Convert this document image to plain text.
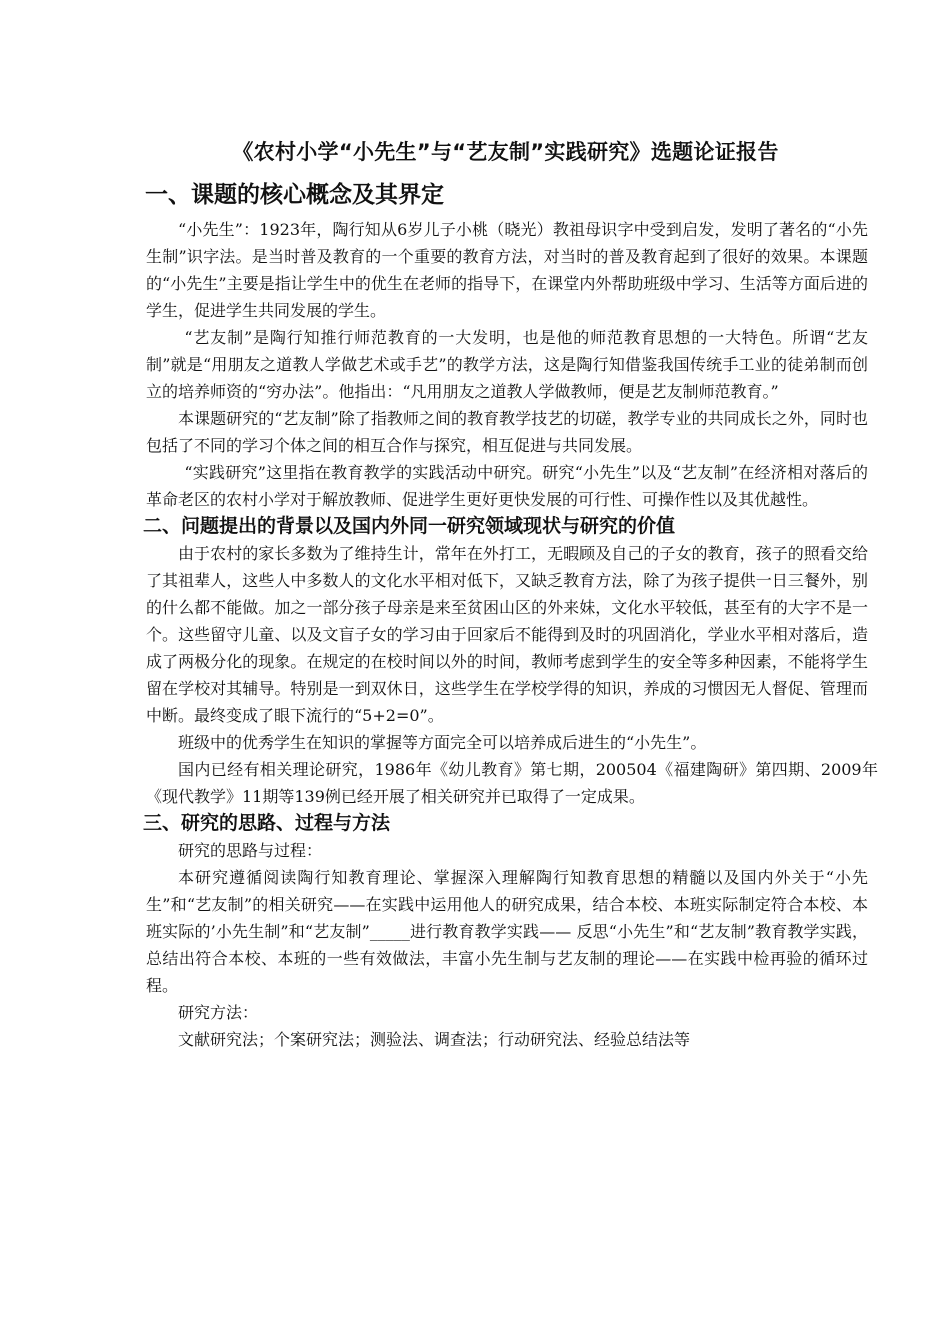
《农村小学“小先生”与“艺友制”实践研究》选题论证报告
一、课题的核心概念及其界定

“小先生”：1923年，陶行知从6岁儿子小桃（晓光）教祖母识字中受到启发，发明了著名的“小先生制”识字法。是当时普及教育的一个重要的教育方法，对当时的普及教育起到了很好的效果。本课题的“小先生”主要是指让学生中的优生在老师的指导下，在课堂内外帮助班级中学习、生活等方面后进的学生，促进学生共同发展的学生。

“艺友制”是陶行知推行师范教育的一大发明，也是他的师范教育思想的一大特色。所谓“艺友制”就是“用朋友之道教人学做艺术或手艺”的教学方法，这是陶行知借鉴我国传统手工业的徒弟制而创立的培养师资的“穷办法”。他指出：“凡用朋友之道教人学做教师，便是艺友制师范教育。”

本课题研究的“艺友制”除了指教师之间的教育教学技艺的切磋，教学专业的共同成长之外，同时也包括了不同的学习个体之间的相互合作与探究，相互促进与共同发展。

“实践研究”这里指在教育教学的实践活动中研究。研究“小先生”以及“艺友制”在经济相对落后的革命老区的农村小学对于解放教师、促进学生更好更快发展的可行性、可操作性以及其优越性。

二、问题提出的背景以及国内外同一研究领域现状与研究的价值

由于农村的家长多数为了维持生计，常年在外打工，无暇顾及自己的子女的教育，孩子的照看交给了其祖辈人，这些人中多数人的文化水平相对低下，又缺乏教育方法，除了为孩子提供一日三餐外，别的什么都不能做。加之一部分孩子母亲是来至贫困山区的外来妹，文化水平较低，甚至有的大字不是一个。这些留守儿童、以及文盲子女的学习由于回家后不能得到及时的巩固消化，学业水平相对落后，造成了两极分化的现象。在规定的在校时间以外的时间，教师考虑到学生的安全等多种因素，不能将学生留在学校对其辅导。特别是一到双休日，这些学生在学校学得的知识，养成的习惯因无人督促、管理而中断。最终变成了眼下流行的“5+2=0”。

班级中的优秀学生在知识的掌握等方面完全可以培养成后进生的“小先生”。

国内已经有相关理论研究，1986年《幼儿教育》第七期，200504《福建陶研》第四期、2009年《现代教学》11期等139例已经开展了相关研究并已取得了一定成果。

三、研究的思路、过程与方法

研究的思路与过程：

本研究遵循阅读陶行知教育理论、掌握深入理解陶行知教育思想的精髓以及国内外关于“小先生”和“艺友制”的相关研究——在实践中运用他人的研究成果，结合本校、本班实际制定符合本校、本班实际的’小先生制”和“艺友制”_____进行教育教学实践—— 反思“小先生”和“艺友制”教育教学实践，总结出符合本校、本班的一些有效做法，丰富小先生制与艺友制的理论——在实践中检再验的循环过程。

研究方法：

文献研究法；个案研究法；测验法、调查法；行动研究法、经验总结法等
